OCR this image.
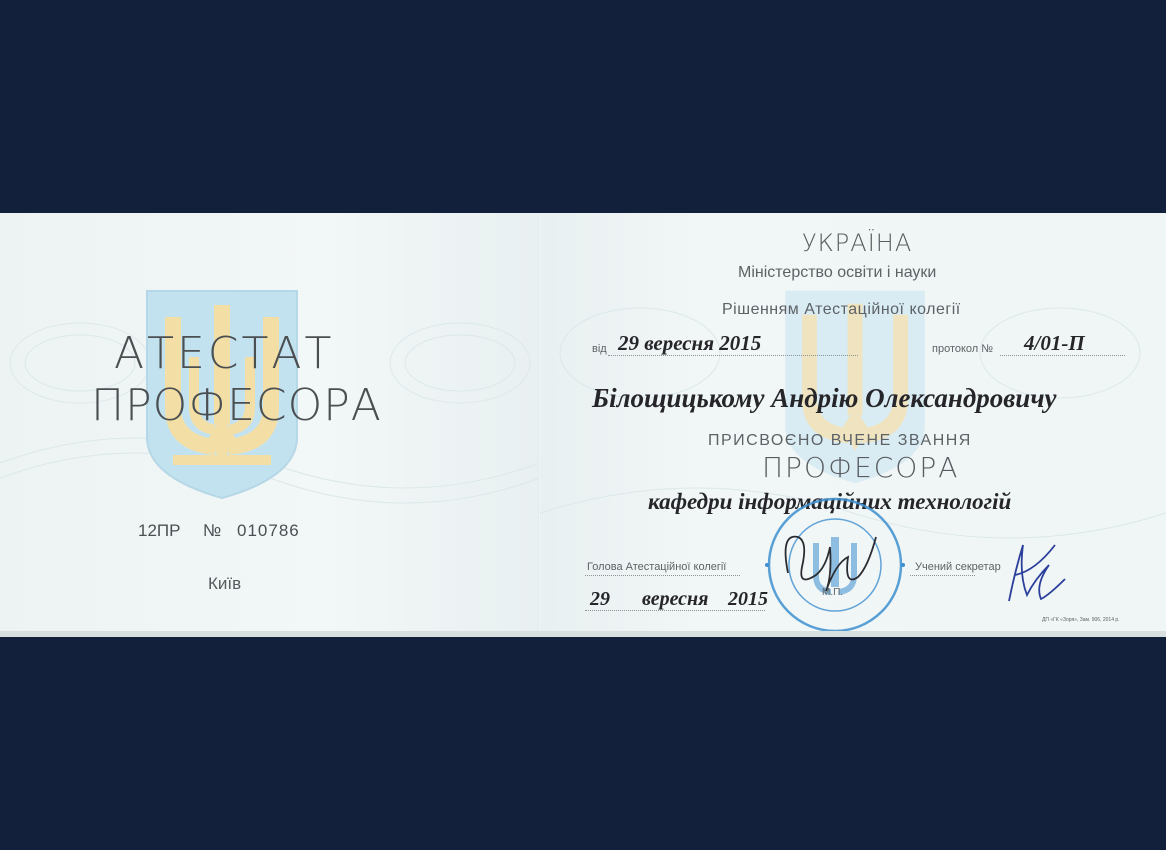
АТЕСТАТ
ПРОФЕСОРА
12ПР № 010786
Київ
УКРАЇНА
Міністерство освіти і науки
Рішенням Атестаційної колегії
від 29 вересня 2015	протокол № 4/01-П
Білощицькому Андрію Олександровичу
ПРИСВОЄНО ВЧЕНЕ ЗВАННЯ
ПРОФЕСОРА
кафедри інформаційних технологій
Голова Атестаційної колегії	Учений секретар
29 вересня 2015	М.П.
ДП «ГК «Зоря», Зам. 906, 2014 р.
